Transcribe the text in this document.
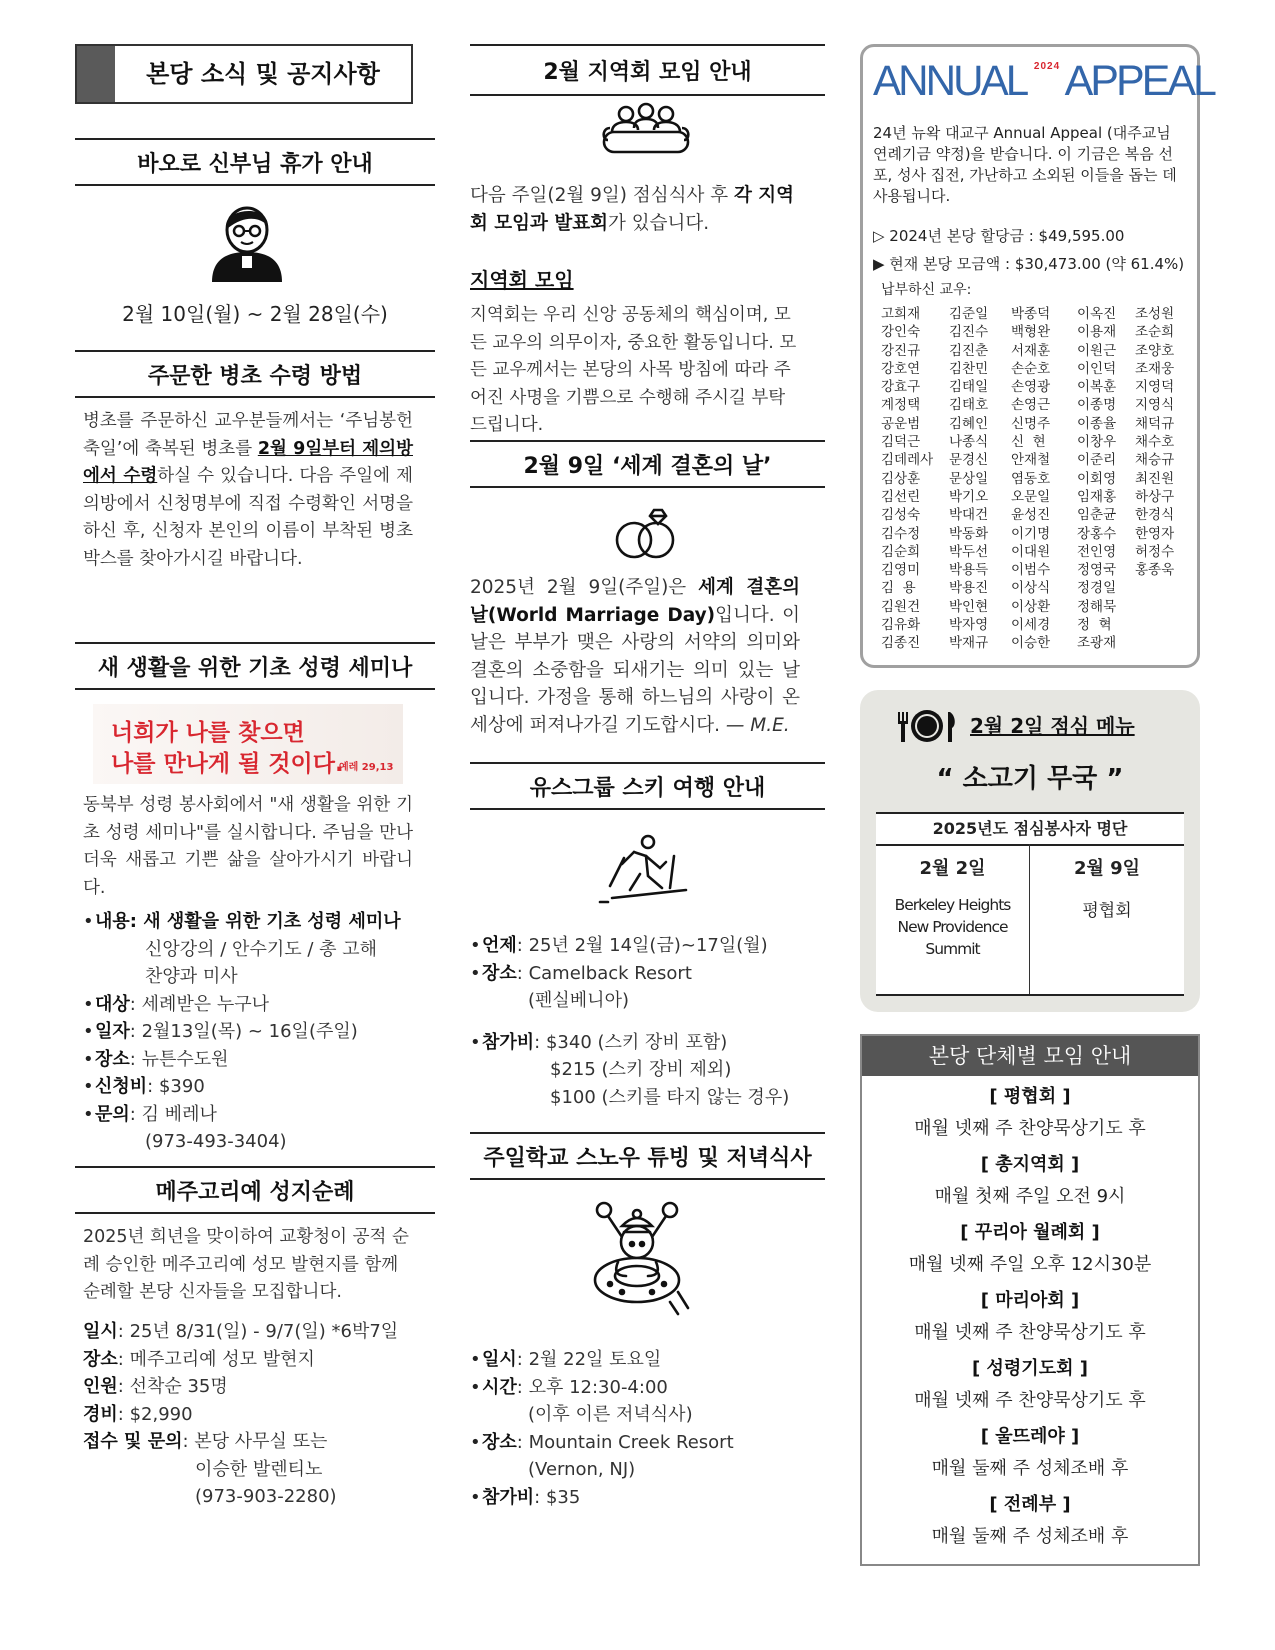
본당 소식 및 공지사항
바오로 신부님 휴가 안내
2월 10일(월) ~ 2월 28일(수)
주문한 병초 수령 방법
병초를 주문하신 교우분들께서는 ‘주님봉헌축일’에 축복된 병초를 2월 9일부터 제의방에서 수령하실 수 있습니다. 다음 주일에 제의방에서 신청명부에 직접 수령확인 서명을 하신 후, 신청자 본인의 이름이 부착된 병초 박스를 찾아가시길 바랍니다.
새 생활을 위한 기초 성령 세미나
너희가 나를 찾으면
나를 만나게 될 것이다.
예레 29,13
동북부 성령 봉사회에서 "새 생활을 위한 기초 성령 세미나"를 실시합니다. 주님을 만나 더욱 새롭고 기쁜 삶을 살아가시기 바랍니다.
• 내용: 새 생활을 위한 기초 성령 세미나
신앙강의 / 안수기도 / 총 고해
찬양과 미사
• 대상: 세례받은 누구나
• 일자: 2월13일(목) ~ 16일(주일)
• 장소: 뉴튼수도원
• 신청비: $390
• 문의: 김 베레나
(973-493-3404)
메주고리예 성지순례
2025년 희년을 맞이하여 교황청이 공적 순례 승인한 메주고리예 성모 발현지를 함께 순례할 본당 신자들을 모집합니다.
일시: 25년 8/31(일) - 9/7(일) *6박7일
장소: 메주고리예 성모 발현지
인원: 선착순 35명
경비: $2,990
접수 및 문의: 본당 사무실 또는
이승한 발렌티노
(973-903-2280)
2월 지역회 모임 안내
다음 주일(2월 9일) 점심식사 후 각 지역회 모임과 발표회가 있습니다.
지역회 모임
지역회는 우리 신앙 공동체의 핵심이며, 모든 교우의 의무이자, 중요한 활동입니다. 모든 교우께서는 본당의 사목 방침에 따라 주어진 사명을 기쁨으로 수행해 주시길 부탁드립니다.
2월 9일 ‘세계 결혼의 날’
2025년 2월 9일(주일)은 세계 결혼의 날(World Marriage Day)입니다. 이 날은 부부가 맺은 사랑의 서약의 의미와 결혼의 소중함을 되새기는 의미 있는 날입니다. 가정을 통해 하느님의 사랑이 온 세상에 퍼져나가길 기도합시다. — M.E.
유스그룹 스키 여행 안내
• 언제: 25년 2월 14일(금)~17일(월)
• 장소: Camelback Resort
(펜실베니아)
• 참가비: $340 (스키 장비 포함)
$215 (스키 장비 제외)
$100 (스키를 타지 않는 경우)
주일학교 스노우 튜빙 및 저녁식사
• 일시: 2월 22일 토요일
• 시간: 오후 12:30-4:00
(이후 이른 저녁식사)
• 장소: Mountain Creek Resort
(Vernon, NJ)
• 참가비: $35
ANNUAL $^{2024}$ APPEAL
24년 뉴왁 대교구 Annual Appeal (대주교님 연례기금 약정)을 받습니다. 이 기금은 복음 선포, 성사 집전, 가난하고 소외된 이들을 돕는 데 사용됩니다.
▷ 2024년 본당 할당금 : $49,595.00
▶ 현재 본당 모금액 : $30,473.00 (약 61.4%)
납부하신 교우:
고희재
강인숙
강진규
강호연
강효구
계정택
공운범
김덕근
김데레사
김상훈
김선린
김성숙
김수정
김순희
김영미
김  용
김원건
김유화
김종진
김준일
김진수
김진춘
김찬민
김태일
김태호
김혜인
나종식
문경신
문상일
박기오
박대건
박동화
박두선
박용득
박용진
박인현
박자영
박재규
박종덕
백형완
서재훈
손순호
손영광
손영근
신명주
신  현
안재철
염동호
오문일
윤성진
이기명
이대원
이범수
이상식
이상환
이세경
이승한
이옥진
이용재
이원근
이인덕
이복훈
이종명
이종율
이창우
이준리
이회영
임재홍
임춘균
장홍수
전인영
정영국
정경일
정해묵
정  혁
조광재
조성원
조순희
조양호
조재웅
지영덕
지영식
채덕규
채수호
채승규
최진원
하상구
한경식
한영자
허정수
홍종욱
2월 2일 점심 메뉴
“ 소고기 무국 ”
2025년도 점심봉사자 명단
2월 2일
Berkeley Heights
New Providence
Summit
2월 9일
평협회
본당 단체별 모임 안내
[ 평협회 ]
매월 넷째 주 찬양묵상기도 후
[ 총지역회 ]
매월 첫째 주일 오전 9시
[ 꾸리아 월례회 ]
매월 넷째 주일 오후 12시30분
[ 마리아회 ]
매월 넷째 주 찬양묵상기도 후
[ 성령기도회 ]
매월 넷째 주 찬양묵상기도 후
[ 울뜨레야 ]
매월 둘째 주 성체조배 후
[ 전례부 ]
매월 둘째 주 성체조배 후
